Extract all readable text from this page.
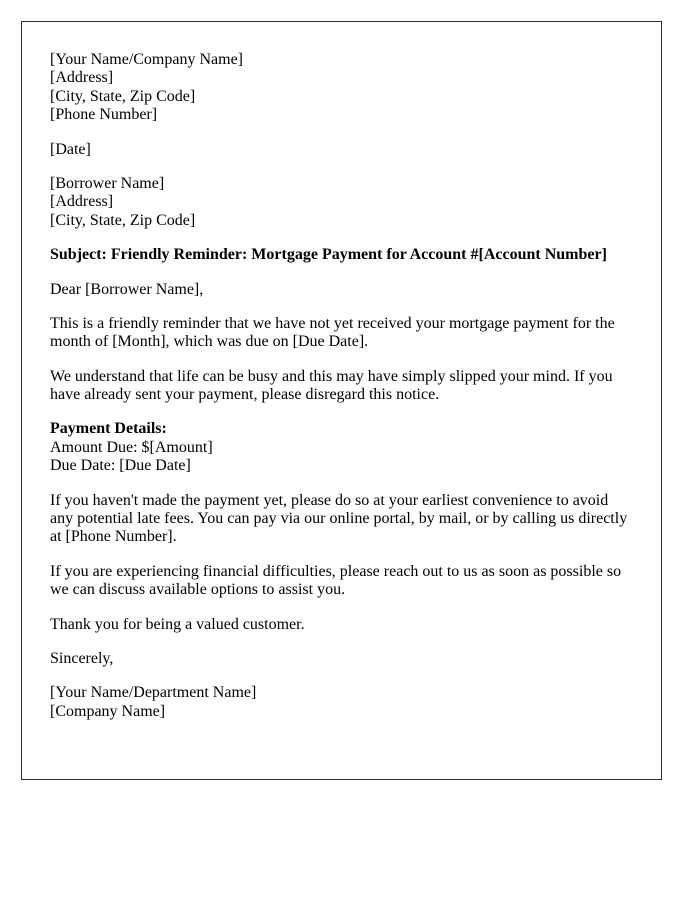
[Your Name/Company Name]
[Address]
[City, State, Zip Code]
[Phone Number]
[Date]
[Borrower Name]
[Address]
[City, State, Zip Code]
Subject: Friendly Reminder: Mortgage Payment for Account #[Account Number]
Dear [Borrower Name],
This is a friendly reminder that we have not yet received your mortgage payment for the month of [Month], which was due on [Due Date].
We understand that life can be busy and this may have simply slipped your mind. If you have already sent your payment, please disregard this notice.
Payment Details:
Amount Due: $[Amount]
Due Date: [Due Date]
If you haven't made the payment yet, please do so at your earliest convenience to avoid any potential late fees. You can pay via our online portal, by mail, or by calling us directly at [Phone Number].
If you are experiencing financial difficulties, please reach out to us as soon as possible so we can discuss available options to assist you.
Thank you for being a valued customer.
Sincerely,
[Your Name/Department Name]
[Company Name]
